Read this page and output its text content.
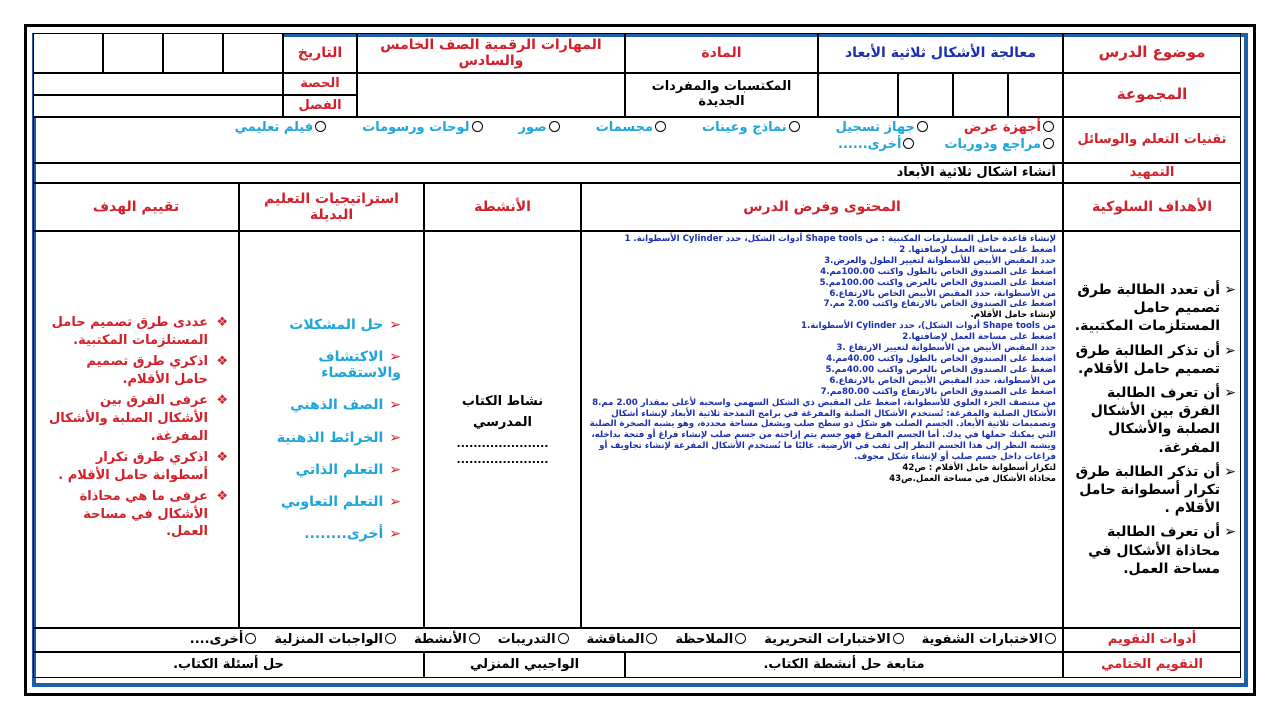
موضوع الدرس
معالجة الأشكال ثلاثية الأبعاد
المادة
المهارات الرقمية الصف الخامس والسادس
التاريخ
المجموعة
المكتسبات والمفردات الجديدة
الحصة
الفصل
تقنيات التعلم والوسائل
أجهزة عرض
جهاز تسجيل
نماذج وعينات
مجسمات
صور
لوحات ورسومات
فيلم تعليمي
مراجع ودوريات
أخرى......
التمهيد
أنشاء اشكال ثلاثية الأبعاد
الأهداف السلوكية
المحتوى وفرض الدرس
الأنشطة
استراتيجيات التعليم البديلة
تقييم الهدف
➢
أن تعدد الطالبة طرق تصميم حامل المستلزمات المكتبية.
➢
أن تذكر الطالبة طرق تصميم حامل الأقلام.
➢
أن تعرف الطالبة الفرق بين الأشكال الصلبة والأشكال المفرغة.
➢
أن تذكر الطالبة طرق تكرار أسطوانة حامل الأقلام .
➢
أن تعرف الطالبة محاذاة الأشكال في مساحة العمل.

لإنشاء قاعدة حامل المستلزمات المكتبية : من Shape tools أدوات الشكل، حدد Cylinder الأسطوانة. 1

اضغط على مساحة العمل لإضافتها. 2

حدد المقبض الأبيض للأسطوانة لتغيير الطول والعرض.3

اضغط على الصندوق الخاص بالطول واكتب 100.00مم.4

اضغط على الصندوق الخاص بالعرض واكتب 100.00مم.5

من الأسطوانة، حدد المقبض الأبيض الخاص بالارتفاع.6

اضغط على الصندوق الخاص بالارتفاع واكتب 2.00 مم.7

لإنشاء حامل الأقلام.

من Shape tools أدوات الشكل)، حدد Cylinder الأسطوانة.1

اضغط على مساحة العمل لإضافتها.2

حدد المقبض الأبيض من الأسطوانة لتغيير الارتفاع .3

اضغط على الصندوق الخاص بالطول واكتب 40.00مم.4

اضغط على الصندوق الخاص بالعرض واكتب 40.00مم.5

من الأسطوانة، حدد المقبض الأبيض الخاص بالارتفاع.6

اضغط على الصندوق الخاص بالارتفاع واكتب 80.00مم.7

من منتصف الجزء العلوي للأسطوانة، اضغط على المقبض ذي الشكل السهمي واسحبه لأعلى بمقدار 2.00 مم.8

الأشكال الصلبة والمفرغة: تُستخدم الأشكال الصلبة والمفرغة في برامج النمذجة ثلاثية الأبعاد لإنشاء أشكال وتصميمات ثلاثية الأبعاد. الجسم الصلب هو شكل ذو سطح صلب ويشغل مساحة محددة، وهو يشبه الصخرة الصلبة التي يمكنك حملها في يدك. أما الجسم المفرغ فهو جسم يتم إزاحته من جسم صلب لإنشاء فراغ أو فتحة بداخله، ويشبه النظر إلى هذا الجسم النظر إلى ثقب في الأرضية. غالبًا ما نُستخدم الأشكال المفرغة لإنشاء تجاويف أو فراغات داخل جسم صلب أو لإنشاء شكل مجوف.

لتكرار أسطوانة حامل الأقلام : ص42

محاذاة الأشكال في مساحة العمل.ص43

نشاط الكتاب المدرسي
......................
......................
➢حل المشكلات
➢الاكتشاف والاستقصاء
➢الصف الذهني
➢الخرائط الذهنية
➢التعلم الذاتي
➢التعلم التعاوني
➢أخرى........
❖
عددى طرق تصميم حامل المستلزمات المكتبية.
❖
اذكري طرق تصميم حامل الأقلام.
❖
عرفى الفرق بين الأشكال الصلبة والأشكال المفرغة.
❖
اذكري طرق تكرار أسطوانة حامل الأقلام .
❖
عرفى ما هي محاذاة الأشكال في مساحة العمل.
أدوات التقويم
الاختبارات الشفوية
الاختبارات التحريرية
الملاحظة
المناقشة
التدريبات
الأنشطة
الواجبات المنزلية
أخرى....
التقويم الختامي
متابعة حل أنشطة الكتاب.
الواجيبي المنزلي
حل أسئلة الكتاب.
